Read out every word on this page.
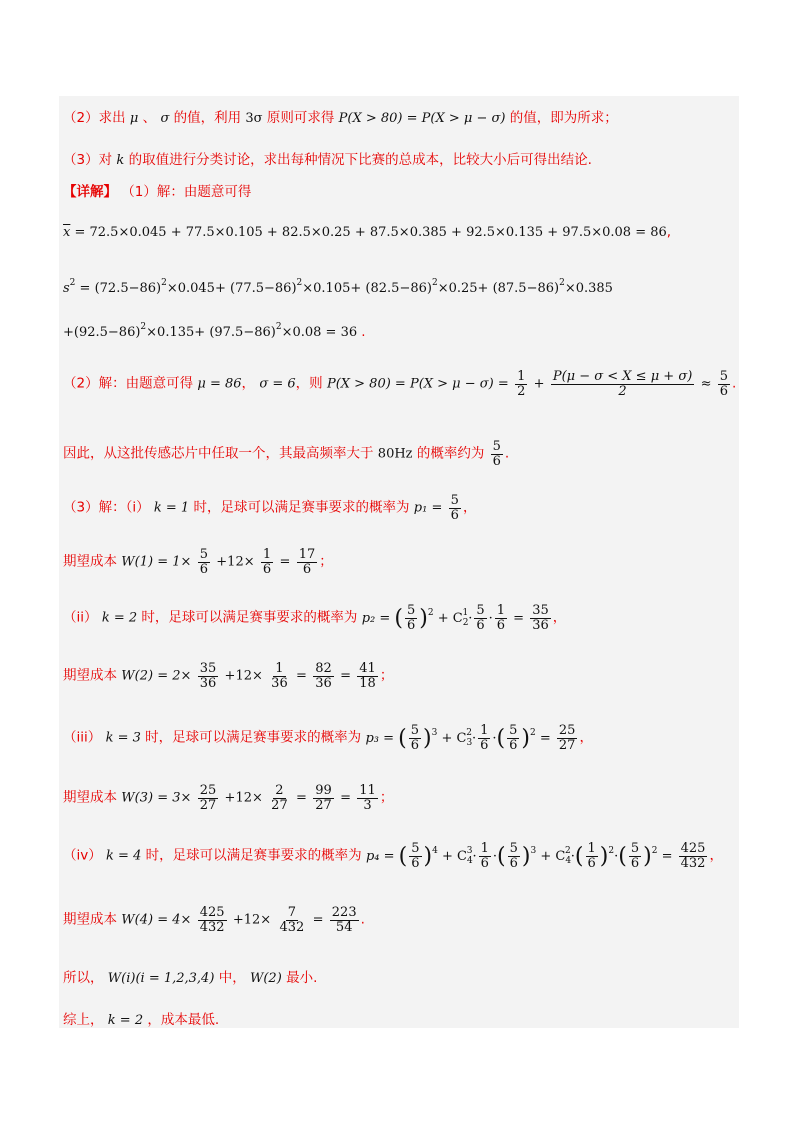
（2）求出 μ 、 σ 的值，利用 3σ 原则可求得 P(X > 80) = P(X > μ − σ) 的值，即为所求；
（3）对 k 的取值进行分类讨论，求出每种情况下比赛的总成本，比较大小后可得出结论.
【详解】 （1）解：由题意可得
$\overline{x} = 72.5\times 0.045 + 77.5\times 0.105 + 82.5\times 0.25 + 87.5\times 0.385 + 92.5\times 0.135 + 97.5\times 0.08 = 86$,
$s^2 = (72.5-86)^2\times 0.045+ (77.5-86)^2\times 0.105+ (82.5-86)^2\times 0.25+ (87.5-86)^2\times 0.385$
$+(92.5-86)^2\times 0.135+ (97.5-86)^2\times 0.08 = 36$ .
（2）解：由题意可得 μ = 86， σ = 6，则 $P(X > 80) = P(X > \mu - \sigma) = \frac{1}{2} + \frac{P(\mu - \sigma < X \le \mu + \sigma)}{2} \approx \frac{5}{6}$ .
因此，从这批传感芯片中任取一个，其最高频率大于 80Hz 的概率约为 $\frac{5}{6}$ .
（3）解：（i） k = 1 时，足球可以满足赛事要求的概率为 $p_1 = \frac{5}{6}$ ，
期望成本 $W(1) = 1\times \frac{5}{6} +12\times \frac{1}{6} = \frac{17}{6}$ ；
（ii） k = 2 时，足球可以满足赛事要求的概率为 p₂ = ( $\frac{5}{6} )^2 + C_2^1\cdot \frac{5}{6} \cdot \frac{1}{6} = \frac{35}{36}$ ，
期望成本 $W(2) = 2\times \frac{35}{36} +12\times \frac{1}{36} = \frac{82}{36} = \frac{41}{18}$ ；
（iii） k = 3 时，足球可以满足赛事要求的概率为 p₃ = ( $\frac{5}{6} )^3 + C_3^2\cdot \frac{1}{6}$ ·( $\frac{5}{6} )^2 = \frac{25}{27}$ ，
期望成本 $W(3) = 3\times \frac{25}{27} +12\times \frac{2}{27} = \frac{99}{27} = \frac{11}{3}$ ；
（iv） k = 4 时，足球可以满足赛事要求的概率为 p₄ = ( $\frac{5}{6} )^4 + C_4^3\cdot \frac{1}{6}$ ·( $\frac{5}{6} )^3 + C_4^2\cdot( \frac{1}{6} )^2\cdot( \frac{5}{6} )^2 = \frac{425}{432}$ ，
期望成本 $W(4) = 4\times \frac{425}{432} +12\times \frac{7}{432} = \frac{223}{54}$ .
所以， W(i)(i = 1,2,3,4) 中， W(2) 最小.
综上， k = 2 ，成本最低.
